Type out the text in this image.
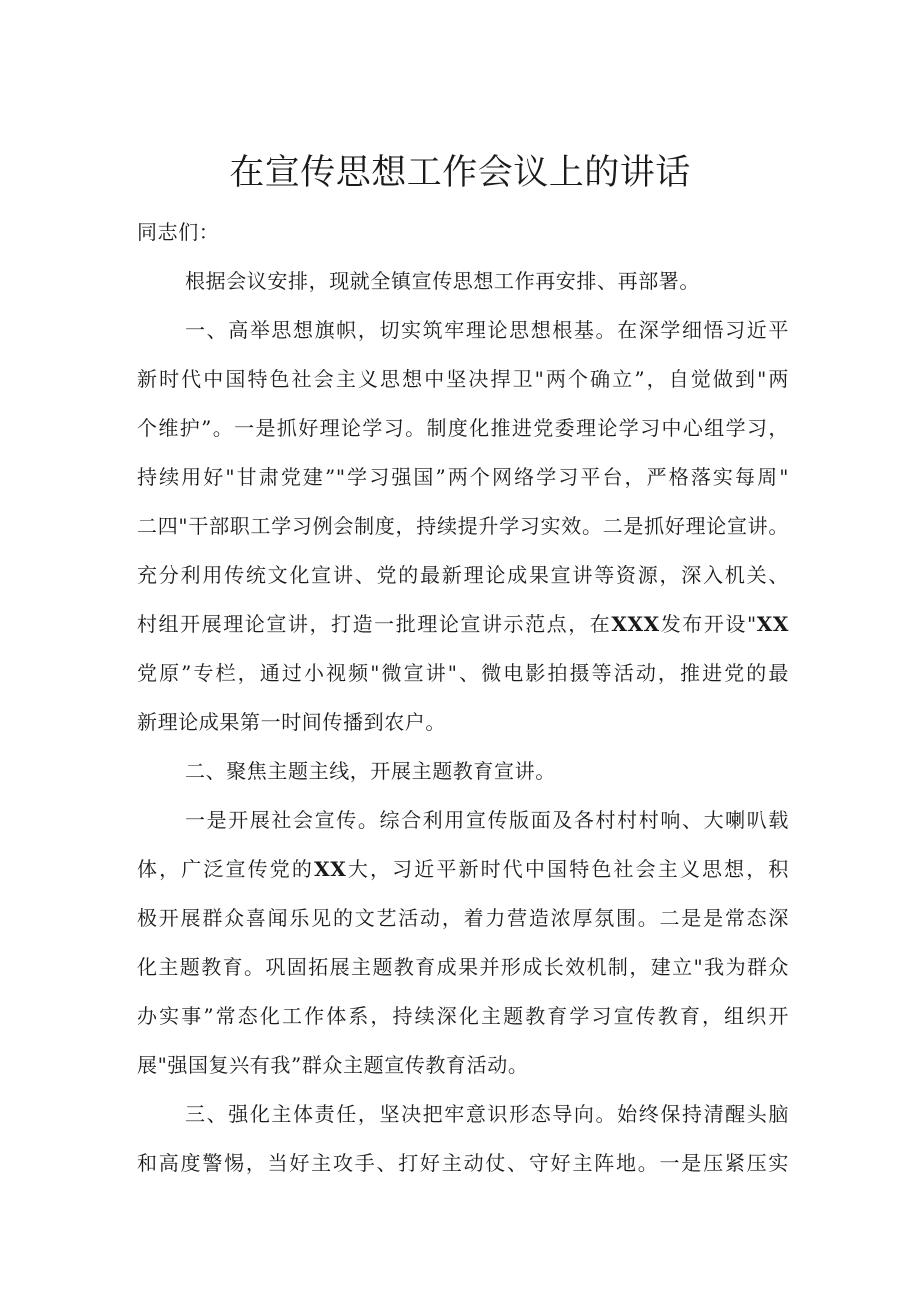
在宣传思想工作会议上的讲话

同志们：

根据会议安排，现就全镇宣传思想工作再安排、再部署。

一、高举思想旗帜，切实筑牢理论思想根基。在深学细悟习近平
新时代中国特色社会主义思想中坚决捍卫"两个确立”，自觉做到"两
个维护”。一是抓好理论学习。制度化推进党委理论学习中心组学习，
持续用好"甘肃党建”"学习强国”两个网络学习平台，严格落实每周"
二四"干部职工学习例会制度，持续提升学习实效。二是抓好理论宣讲。
充分利用传统文化宣讲、党的最新理论成果宣讲等资源，深入机关、
村组开展理论宣讲，打造一批理论宣讲示范点，在XXX发布开设"XX
党原”专栏，通过小视频"微宣讲"、微电影拍摄等活动，推进党的最
新理论成果第一时间传播到农户。

二、聚焦主题主线，开展主题教育宣讲。

一是开展社会宣传。综合利用宣传版面及各村村村响、大喇叭载
体，广泛宣传党的XX大，习近平新时代中国特色社会主义思想，积
极开展群众喜闻乐见的文艺活动，着力营造浓厚氛围。二是是常态深
化主题教育。巩固拓展主题教育成果并形成长效机制，建立"我为群众
办实事”常态化工作体系，持续深化主题教育学习宣传教育，组织开
展"强国复兴有我”群众主题宣传教育活动。

三、强化主体责任，坚决把牢意识形态导向。始终保持清醒头脑
和高度警惕，当好主攻手、打好主动仗、守好主阵地。一是压紧压实
